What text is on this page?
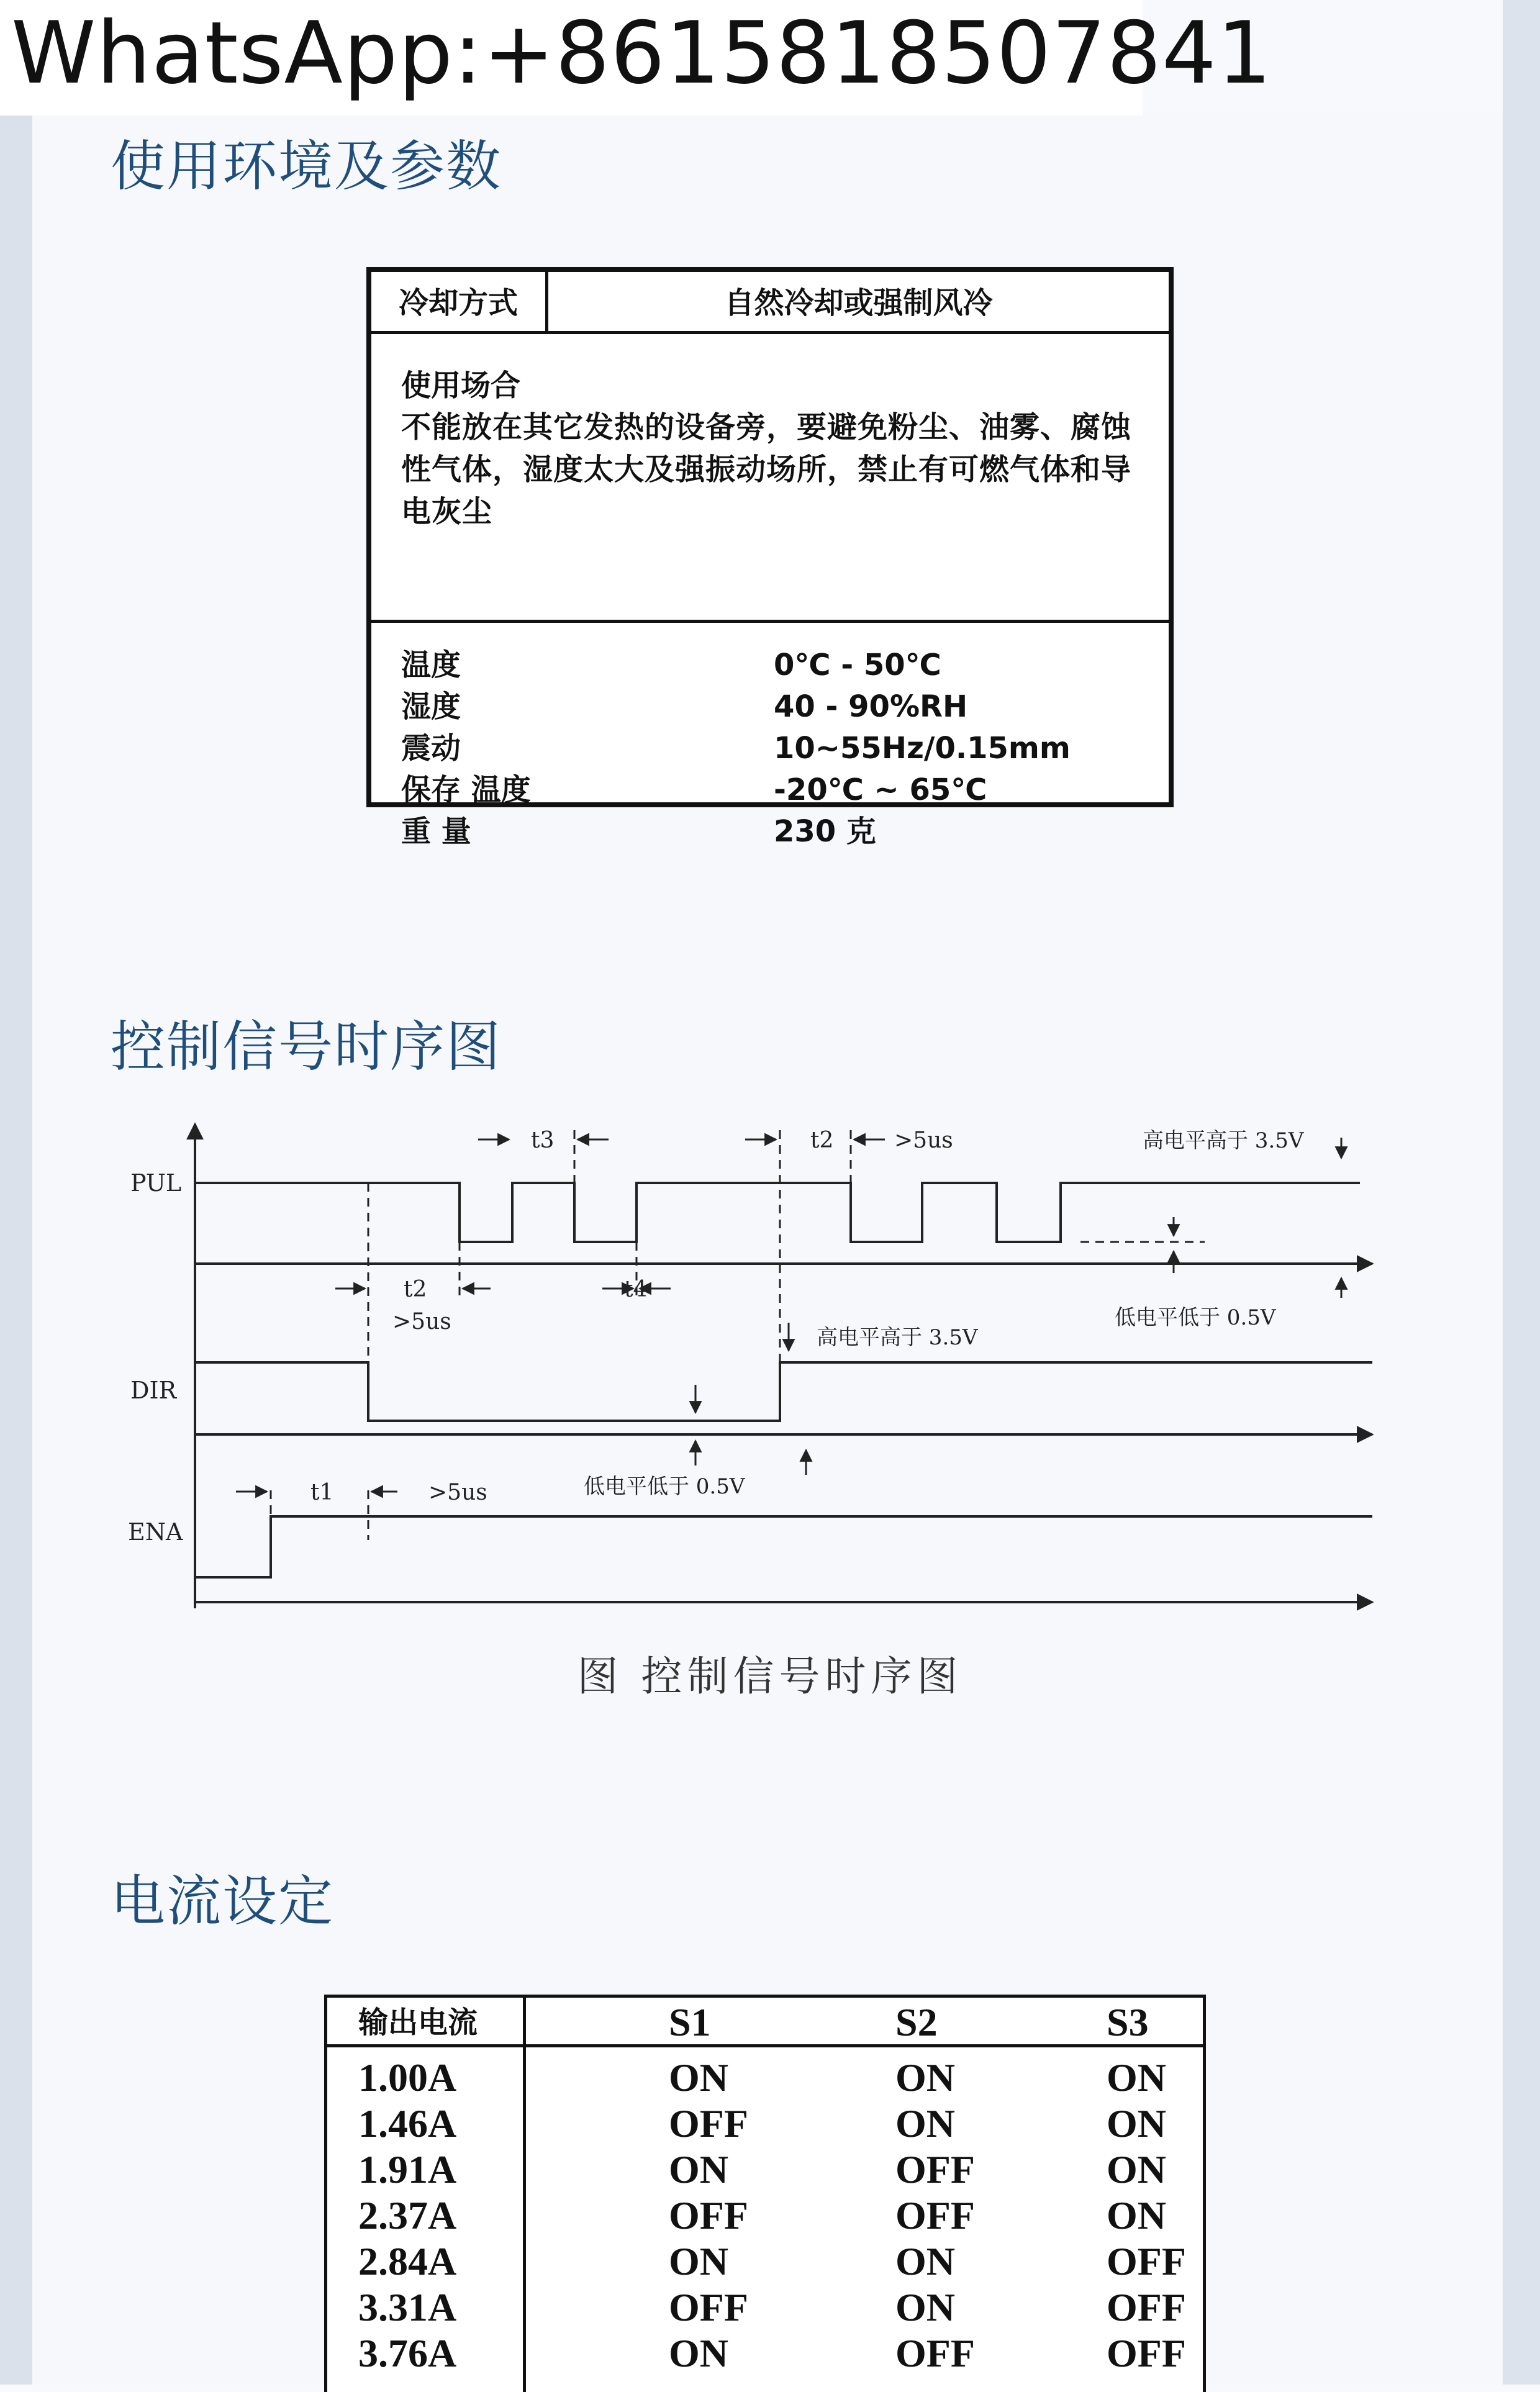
WhatsApp:+8615818507841
使用环境及参数
冷却方式	自然冷却或强制风冷
使用场合
不能放在其它发热的设备旁，要避免粉尘、油雾、腐蚀性气体，湿度太大及强振动场所，禁止有可燃气体和导电灰尘
温度	0℃ - 50℃
湿度	40 - 90%RH
震动	10~55Hz/0.15mm
保存 温度	-20℃ ~ 65℃
重 量	230 克
控制信号时序图
PUL
DIR
ENA
t3	t2	>5us	高电平高于 3.5V
t2
>5us
t4
低电平低于 0.5V
高电平高于 3.5V
t1	>5us	低电平低于 0.5V
图 控制信号时序图
电流设定
输出电流	S1	S2	S3
1.00A	ON	ON	ON
1.46A	OFF	ON	ON
1.91A	ON	OFF	ON
2.37A	OFF	OFF	ON
2.84A	ON	ON	OFF
3.31A	OFF	ON	OFF
3.76A	ON	OFF	OFF
